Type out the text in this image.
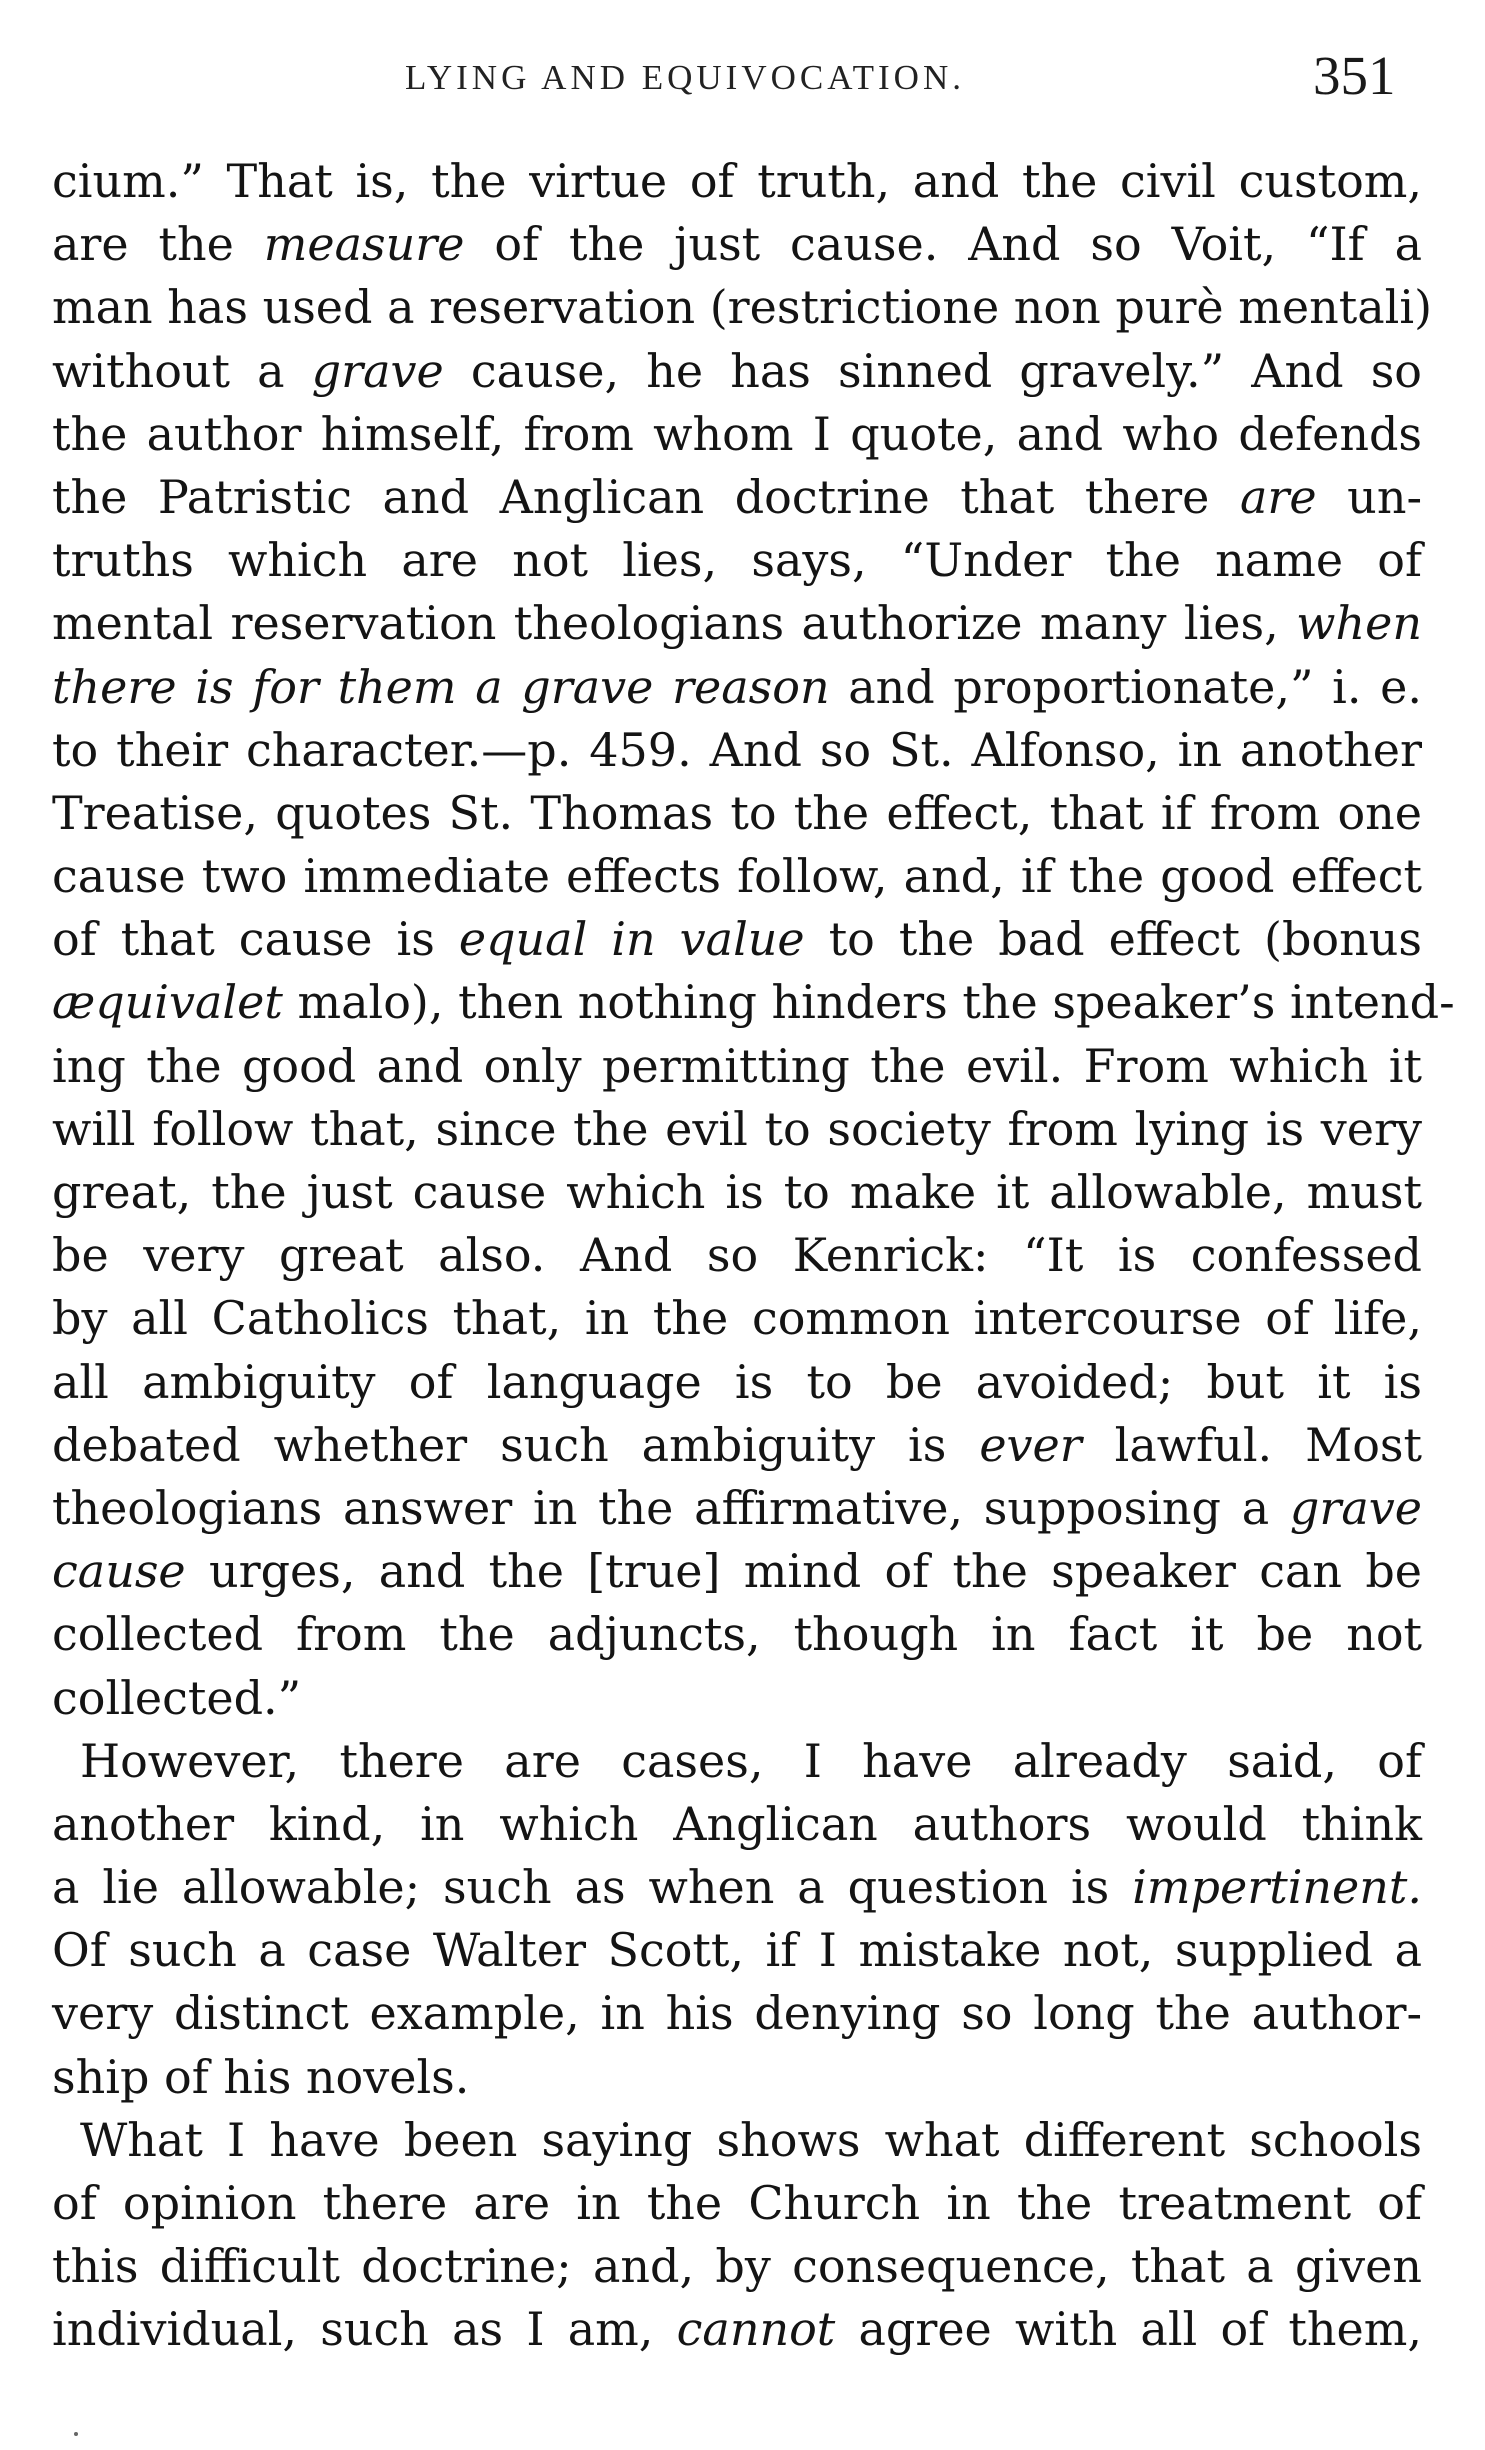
LYING AND EQUIVOCATION.	351

cium.” That is, the virtue of truth, and the civil custom,
are the measure of the just cause. And so Voit, “If a
man has used a reservation (restrictione non purè mentali)
without a grave cause, he has sinned gravely.” And so
the author himself, from whom I quote, and who defends
the Patristic and Anglican doctrine that there are un-
truths which are not lies, says, “Under the name of
mental reservation theologians authorize many lies, when
there is for them a grave reason and proportionate,” i. e.
to their character.—p. 459. And so St. Alfonso, in another
Treatise, quotes St. Thomas to the effect, that if from one
cause two immediate effects follow, and, if the good effect
of that cause is equal in value to the bad effect (bonus
æquivalet malo), then nothing hinders the speaker’s intend-
ing the good and only permitting the evil. From which it
will follow that, since the evil to society from lying is very
great, the just cause which is to make it allowable, must
be very great also. And so Kenrick: “It is confessed
by all Catholics that, in the common intercourse of life,
all ambiguity of language is to be avoided; but it is
debated whether such ambiguity is ever lawful. Most
theologians answer in the affirmative, supposing a grave
cause urges, and the [true] mind of the speaker can be
collected from the adjuncts, though in fact it be not
collected.”

However, there are cases, I have already said, of
another kind, in which Anglican authors would think
a lie allowable; such as when a question is impertinent.
Of such a case Walter Scott, if I mistake not, supplied a
very distinct example, in his denying so long the author-
ship of his novels.

What I have been saying shows what different schools
of opinion there are in the Church in the treatment of
this difficult doctrine; and, by consequence, that a given
individual, such as I am, cannot agree with all of them,
